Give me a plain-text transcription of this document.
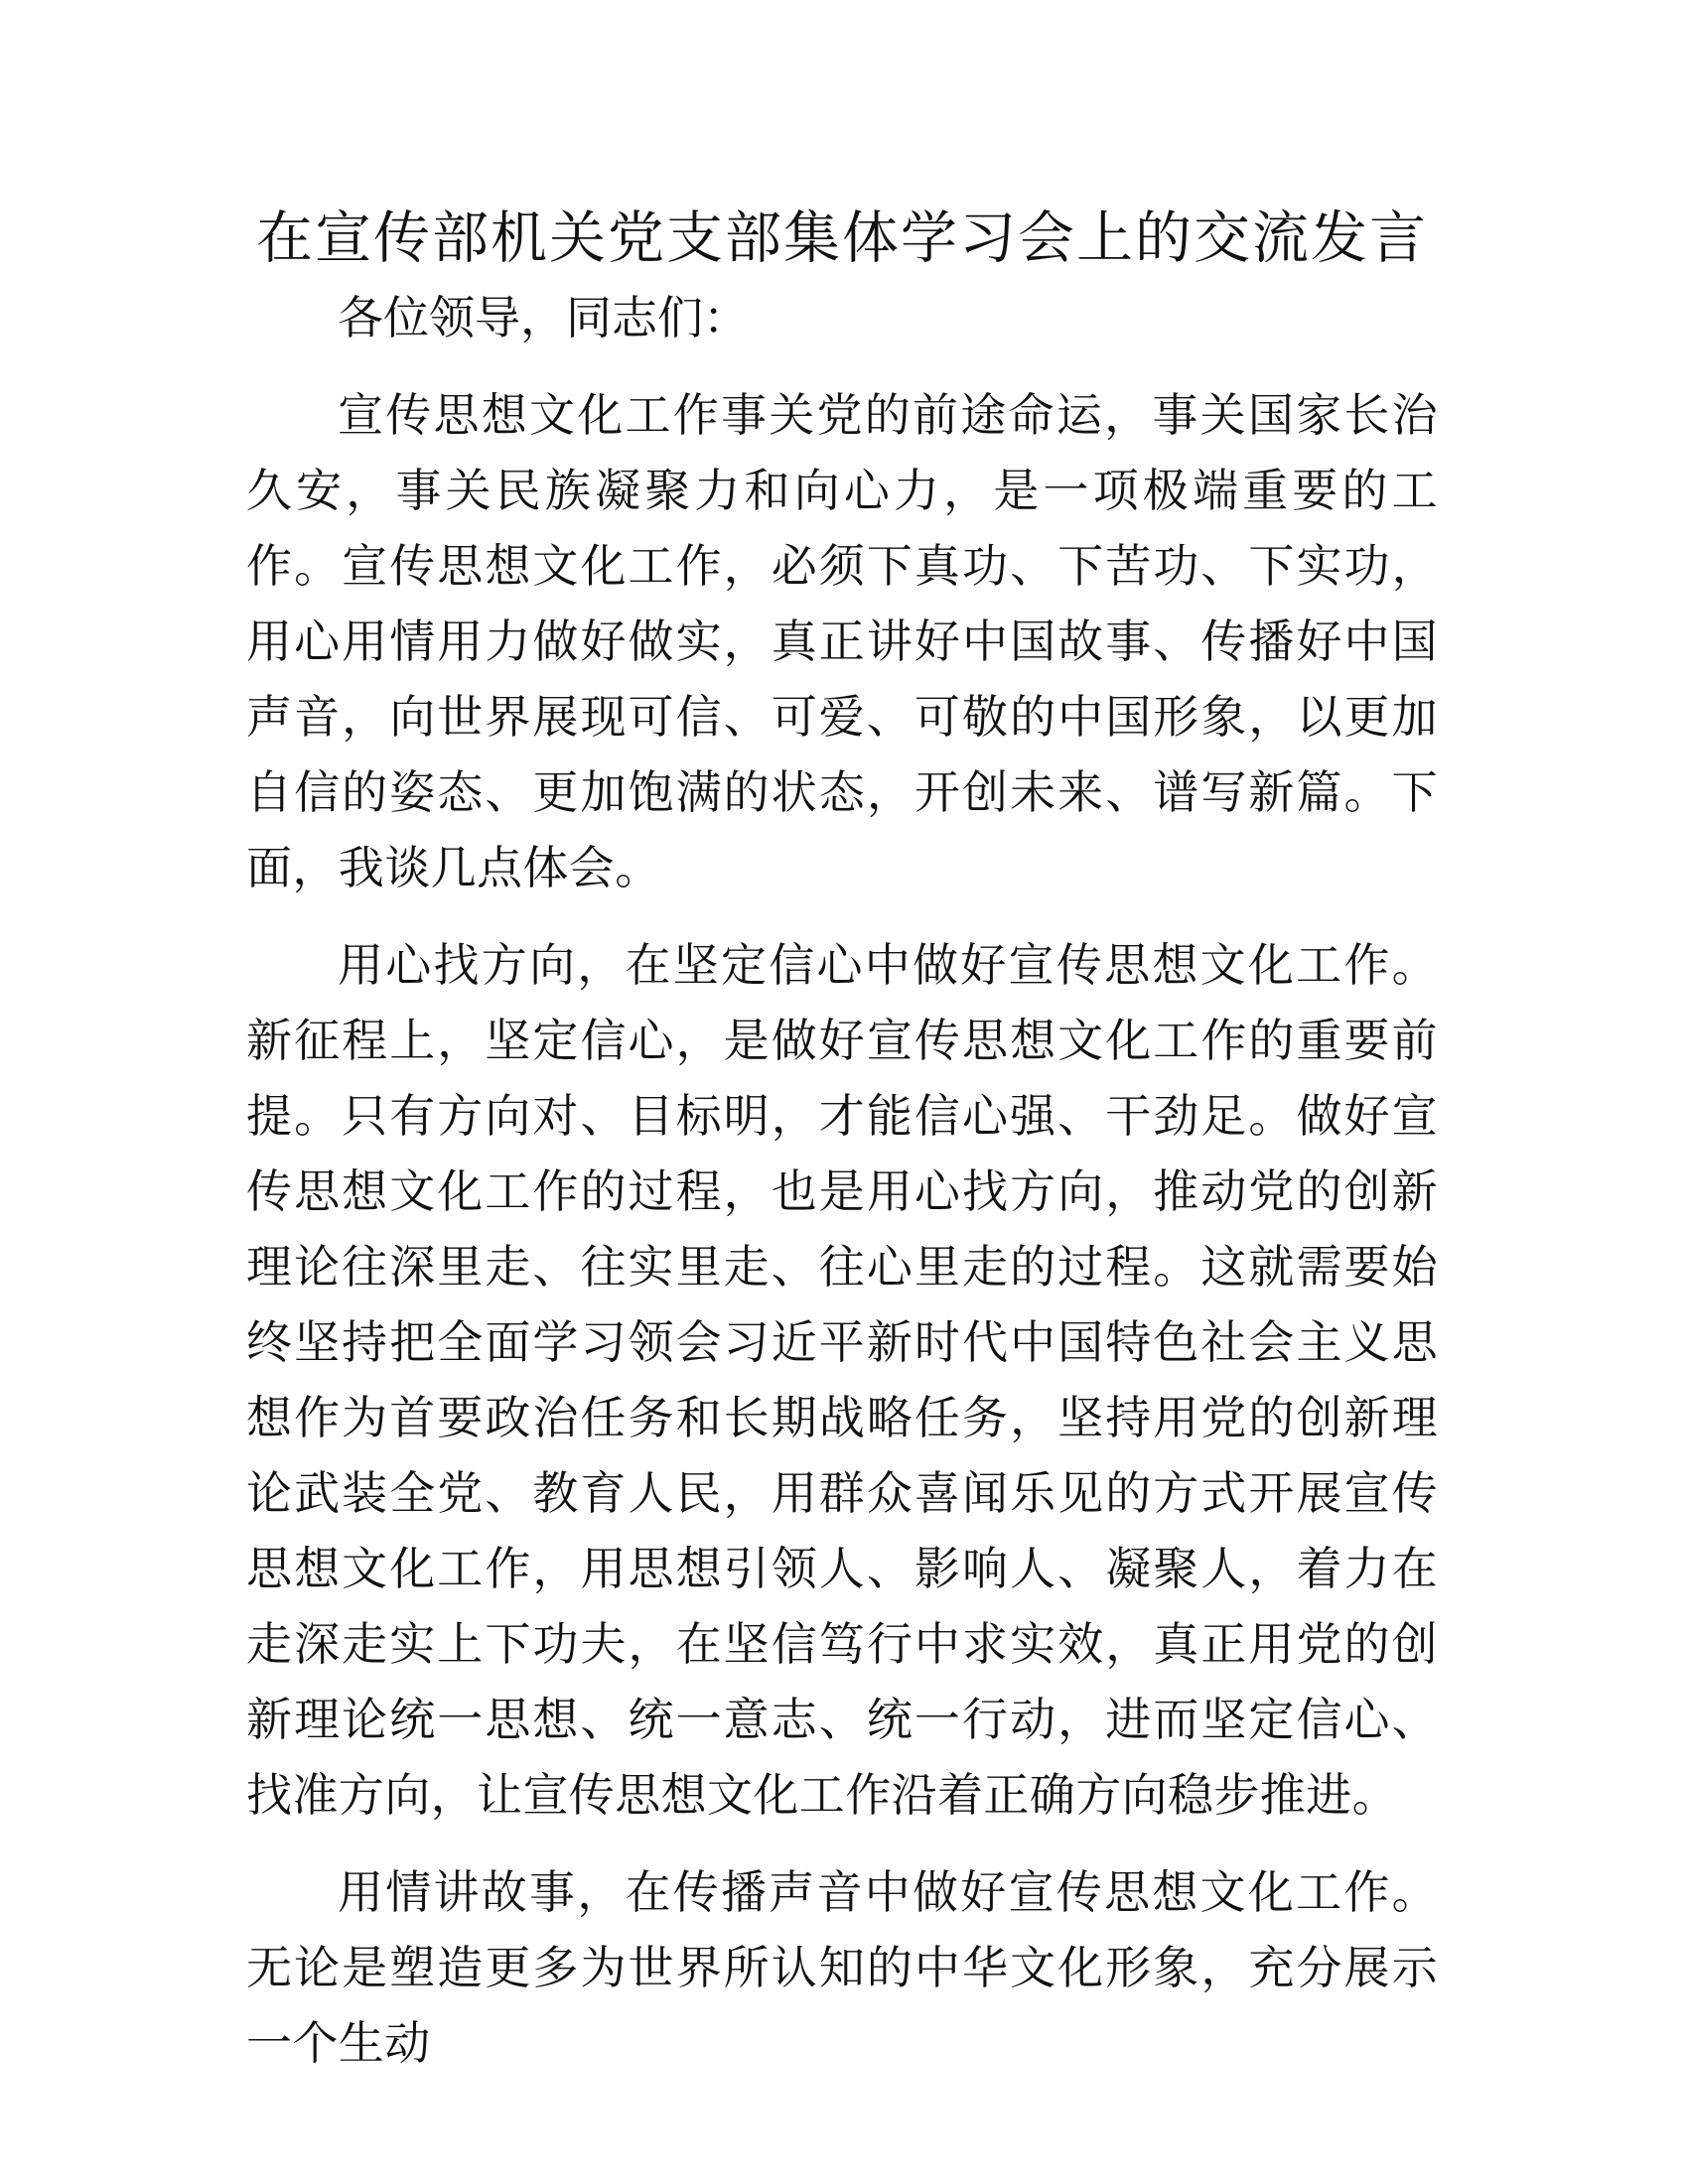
在宣传部机关党支部集体学习会上的交流发言

各位领导，同志们：

宣传思想文化工作事关党的前途命运，事关国家长治久安，事关民族凝聚力和向心力，是一项极端重要的工作。宣传思想文化工作，必须下真功、下苦功、下实功，用心用情用力做好做实，真正讲好中国故事、传播好中国声音，向世界展现可信、可爱、可敬的中国形象，以更加自信的姿态、更加饱满的状态，开创未来、谱写新篇。下面，我谈几点体会。

用心找方向，在坚定信心中做好宣传思想文化工作。新征程上，坚定信心，是做好宣传思想文化工作的重要前提。只有方向对、目标明，才能信心强、干劲足。做好宣传思想文化工作的过程，也是用心找方向，推动党的创新理论往深里走、往实里走、往心里走的过程。这就需要始终坚持把全面学习领会习近平新时代中国特色社会主义思想作为首要政治任务和长期战略任务，坚持用党的创新理论武装全党、教育人民，用群众喜闻乐见的方式开展宣传思想文化工作，用思想引领人、影响人、凝聚人，着力在走深走实上下功夫，在坚信笃行中求实效，真正用党的创新理论统一思想、统一意志、统一行动，进而坚定信心、找准方向，让宣传思想文化工作沿着正确方向稳步推进。

用情讲故事，在传播声音中做好宣传思想文化工作。无论是塑造更多为世界所认知的中华文化形象，充分展示一个生动
